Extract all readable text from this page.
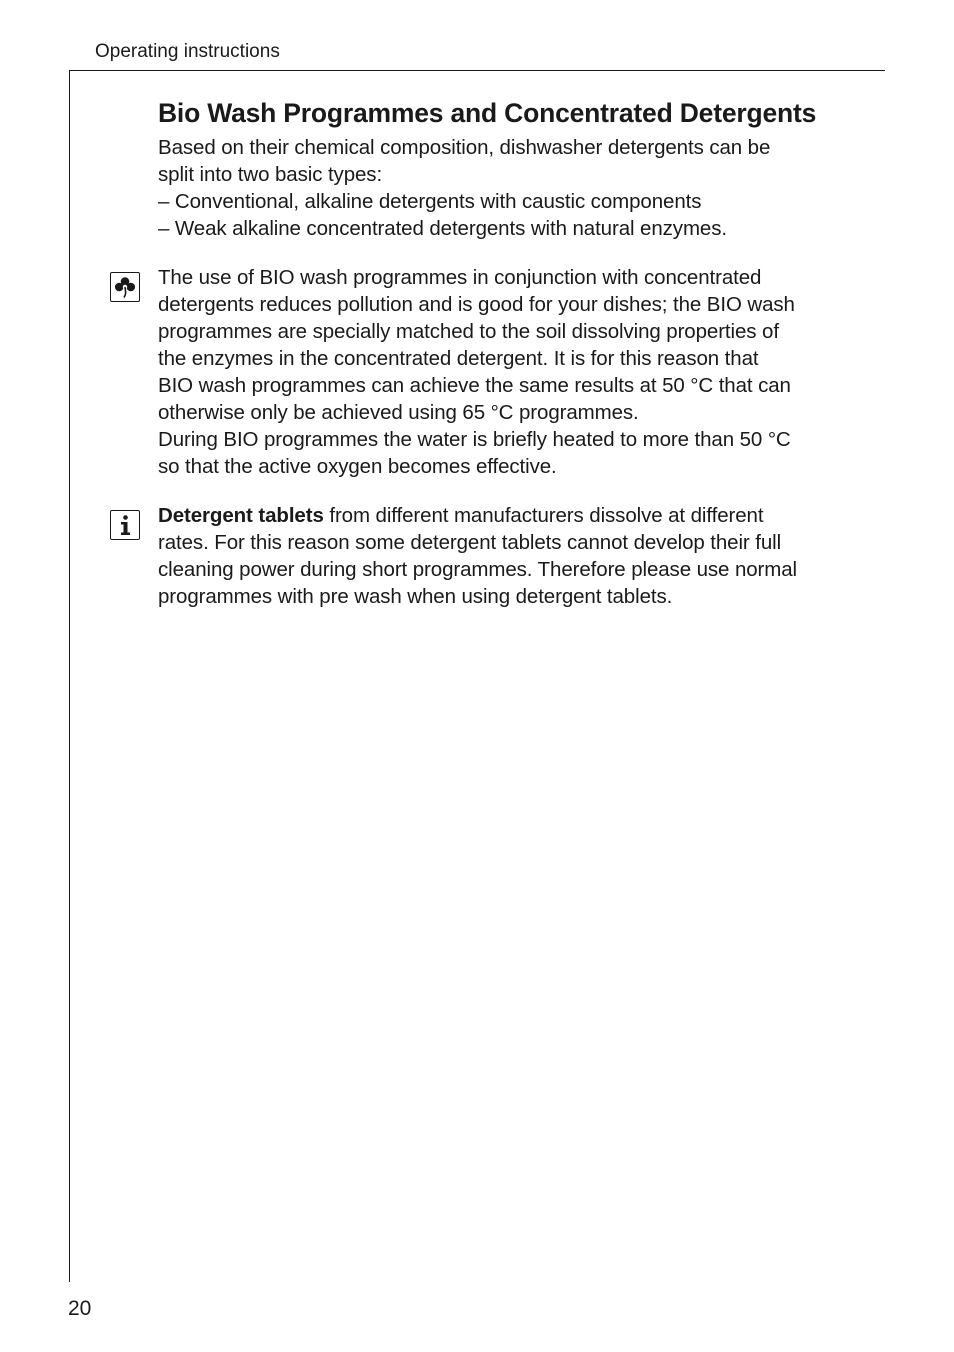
Operating instructions
Bio Wash Programmes and Concentrated Detergents

Based on their chemical composition, dishwasher detergents can be
split into two basic types:
– Conventional, alkaline detergents with caustic components
– Weak alkaline concentrated detergents with natural enzymes.

The use of BIO wash programmes in conjunction with concentrated
detergents reduces pollution and is good for your dishes; the BIO wash
programmes are specially matched to the soil dissolving properties of
the enzymes in the concentrated detergent. It is for this reason that
BIO wash programmes can achieve the same results at 50 °C that can
otherwise only be achieved using 65 °C programmes.
During BIO programmes the water is briefly heated to more than 50 °C
so that the active oxygen becomes effective.

Detergent tablets from different manufacturers dissolve at different
rates. For this reason some detergent tablets cannot develop their full
cleaning power during short programmes. Therefore please use normal
programmes with pre wash when using detergent tablets.

20
